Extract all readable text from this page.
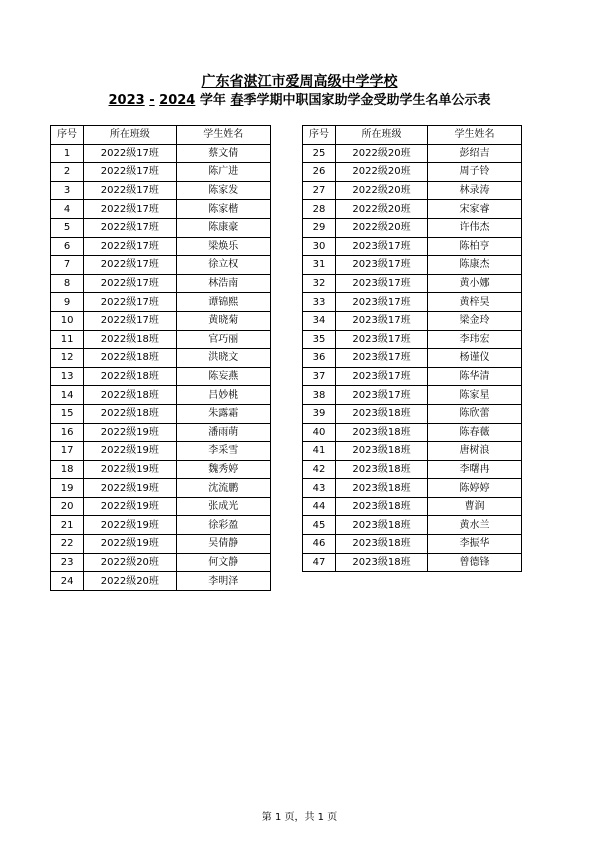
广东省湛江市爱周高级中学学校
2023 - 2024 学年 春季学期中职国家助学金受助学生名单公示表
序号	所在班级	学生姓名
1	2022级17班	蔡文倩
2	2022级17班	陈广进
3	2022级17班	陈家发
4	2022级17班	陈家楷
5	2022级17班	陈康豪
6	2022级17班	梁焕乐
7	2022级17班	徐立权
8	2022级17班	林浩南
9	2022级17班	谭锦熙
10	2022级17班	黄晓菊
11	2022级18班	官巧丽
12	2022级18班	洪晓文
13	2022级18班	陈妄燕
14	2022级18班	吕妙桃
15	2022级18班	朱露霜
16	2022级19班	潘雨萌
17	2022级19班	李采雪
18	2022级19班	魏秀婷
19	2022级19班	沈流鹏
20	2022级19班	张成光
21	2022级19班	徐彩盈
22	2022级19班	吴倩静
23	2022级20班	何文静
24	2022级20班	李明泽
序号	所在班级	学生姓名
25	2022级20班	彭绍吉
26	2022级20班	周子铃
27	2022级20班	林录涛
28	2022级20班	宋家睿
29	2022级20班	许伟杰
30	2023级17班	陈柏亨
31	2023级17班	陈康杰
32	2023级17班	黄小娜
33	2023级17班	黄梓昊
34	2023级17班	梁金玲
35	2023级17班	李玮宏
36	2023级17班	杨谨仪
37	2023级17班	陈华清
38	2023级17班	陈家星
39	2023级18班	陈欣蕾
40	2023级18班	陈春薇
41	2023级18班	唐树浪
42	2023级18班	李曙冉
43	2023级18班	陈婷婷
44	2023级18班	曹润
45	2023级18班	黄水兰
46	2023级18班	李振华
47	2023级18班	曾德锋
第 1 页，共 1 页
